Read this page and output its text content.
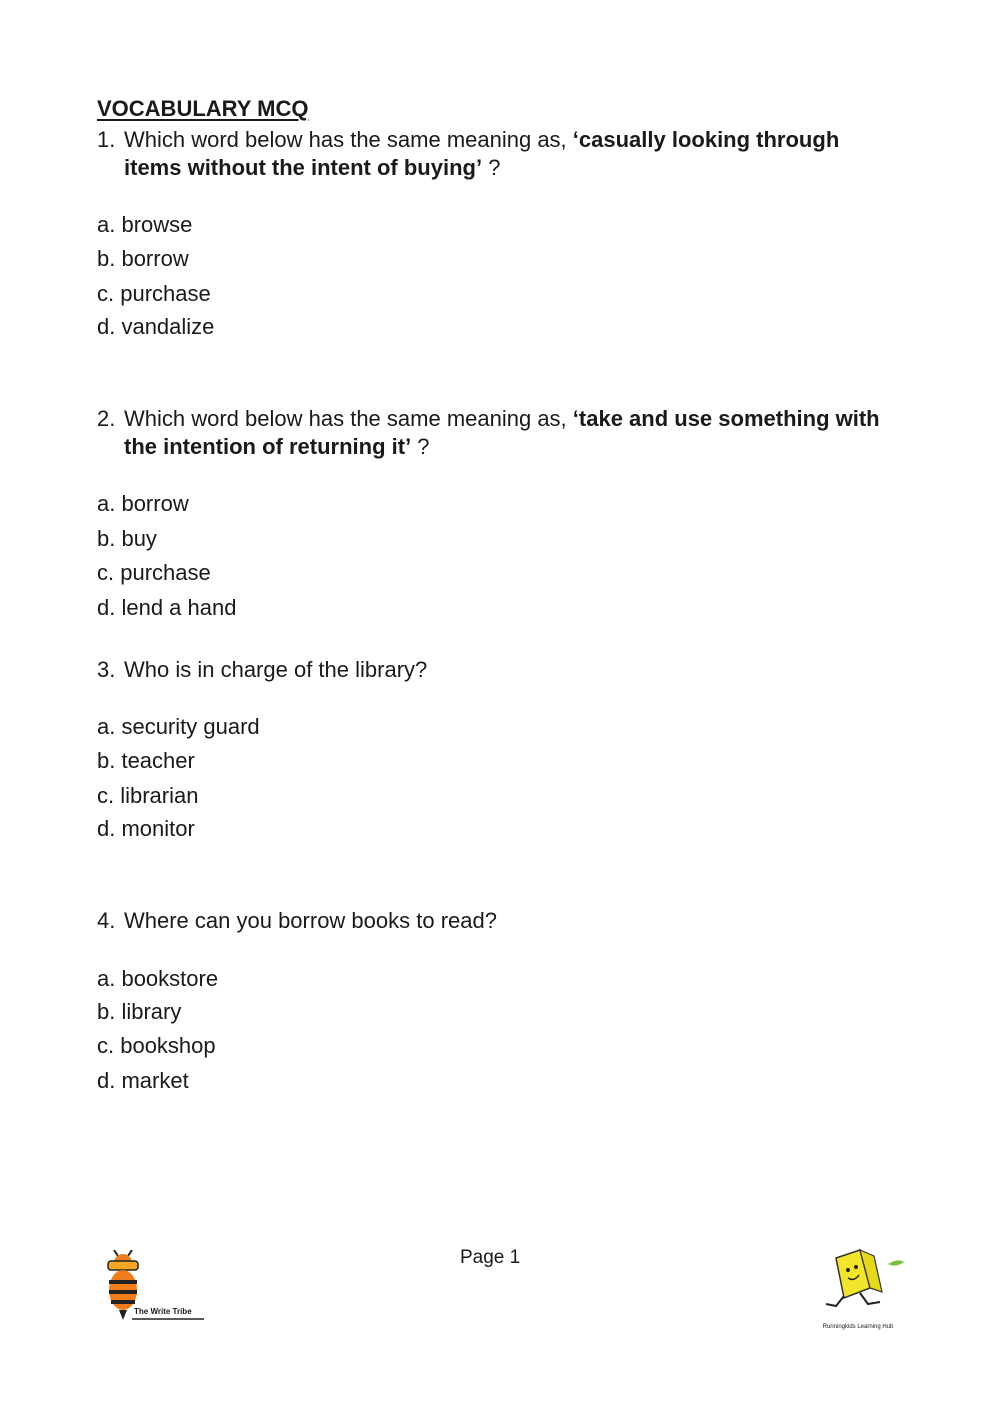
VOCABULARY MCQ
1. Which word below has the same meaning as, ‘casually looking through items without the intent of buying’ ?
a. browse
b. borrow
c. purchase
d. vandalize
2. Which word below has the same meaning as, ‘take and use something with the intention of returning it’ ?
a. borrow
b. buy
c. purchase
d. lend a hand
3. Who is in charge of the library?
a. security guard
b. teacher
c. librarian
d. monitor
4. Where can you borrow books to read?
a. bookstore
b. library
c. bookshop
d. market
Page 1
The Write Tribe
Runningkids Learning Hub
